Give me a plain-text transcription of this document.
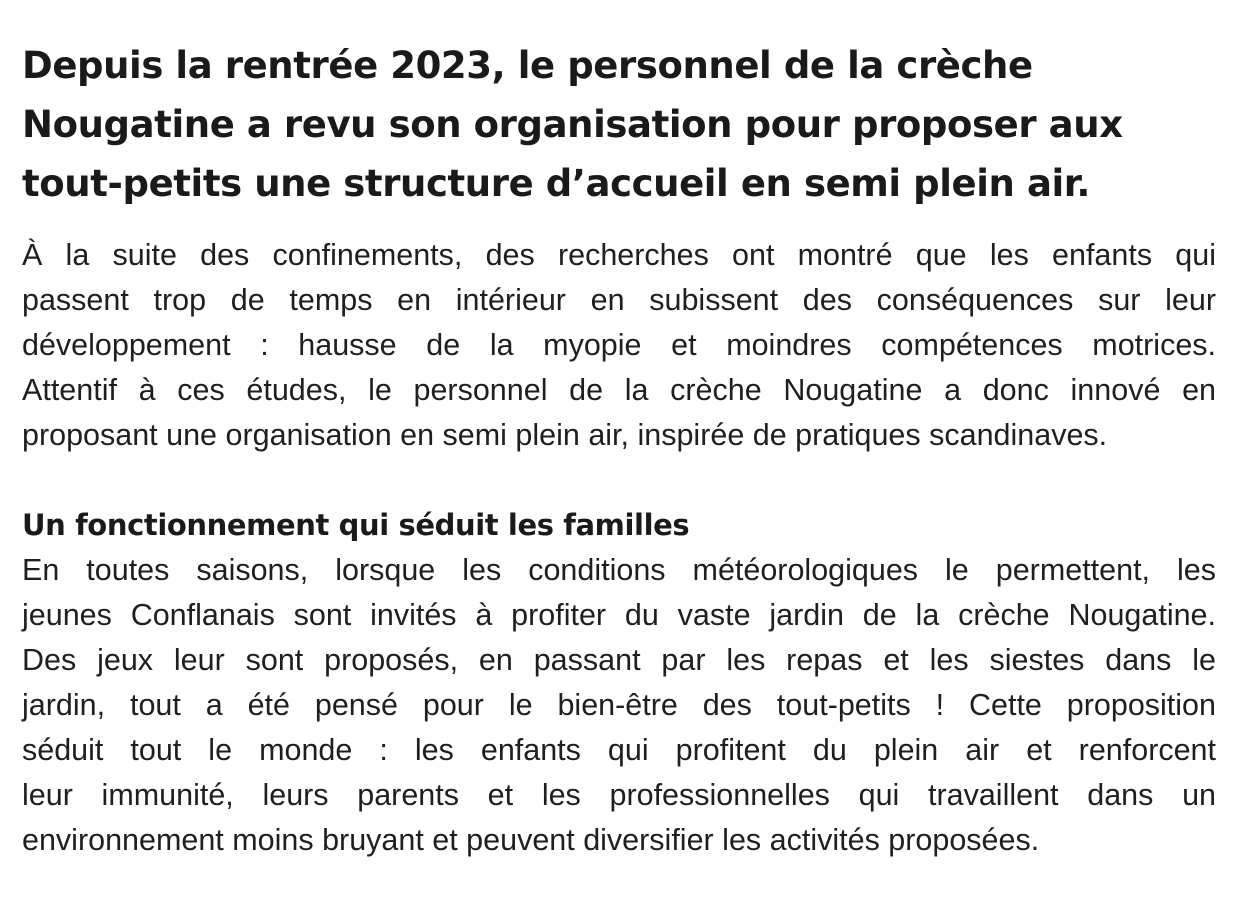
Depuis la rentrée 2023, le personnel de la crèche
Nougatine a revu son organisation pour proposer aux
tout-petits une structure d’accueil en semi plein air.

À la suite des confinements, des recherches ont montré que les enfants qui
passent trop de temps en intérieur en subissent des conséquences sur leur
développement : hausse de la myopie et moindres compétences motrices.
Attentif à ces études, le personnel de la crèche Nougatine a donc innové en
proposant une organisation en semi plein air, inspirée de pratiques scandinaves.

Un fonctionnement qui séduit les familles

En toutes saisons, lorsque les conditions météorologiques le permettent, les
jeunes Conflanais sont invités à profiter du vaste jardin de la crèche Nougatine.
Des jeux leur sont proposés, en passant par les repas et les siestes dans le
jardin, tout a été pensé pour le bien-être des tout-petits ! Cette proposition
séduit tout le monde : les enfants qui profitent du plein air et renforcent
leur immunité, leurs parents et les professionnelles qui travaillent dans un
environnement moins bruyant et peuvent diversifier les activités proposées.
